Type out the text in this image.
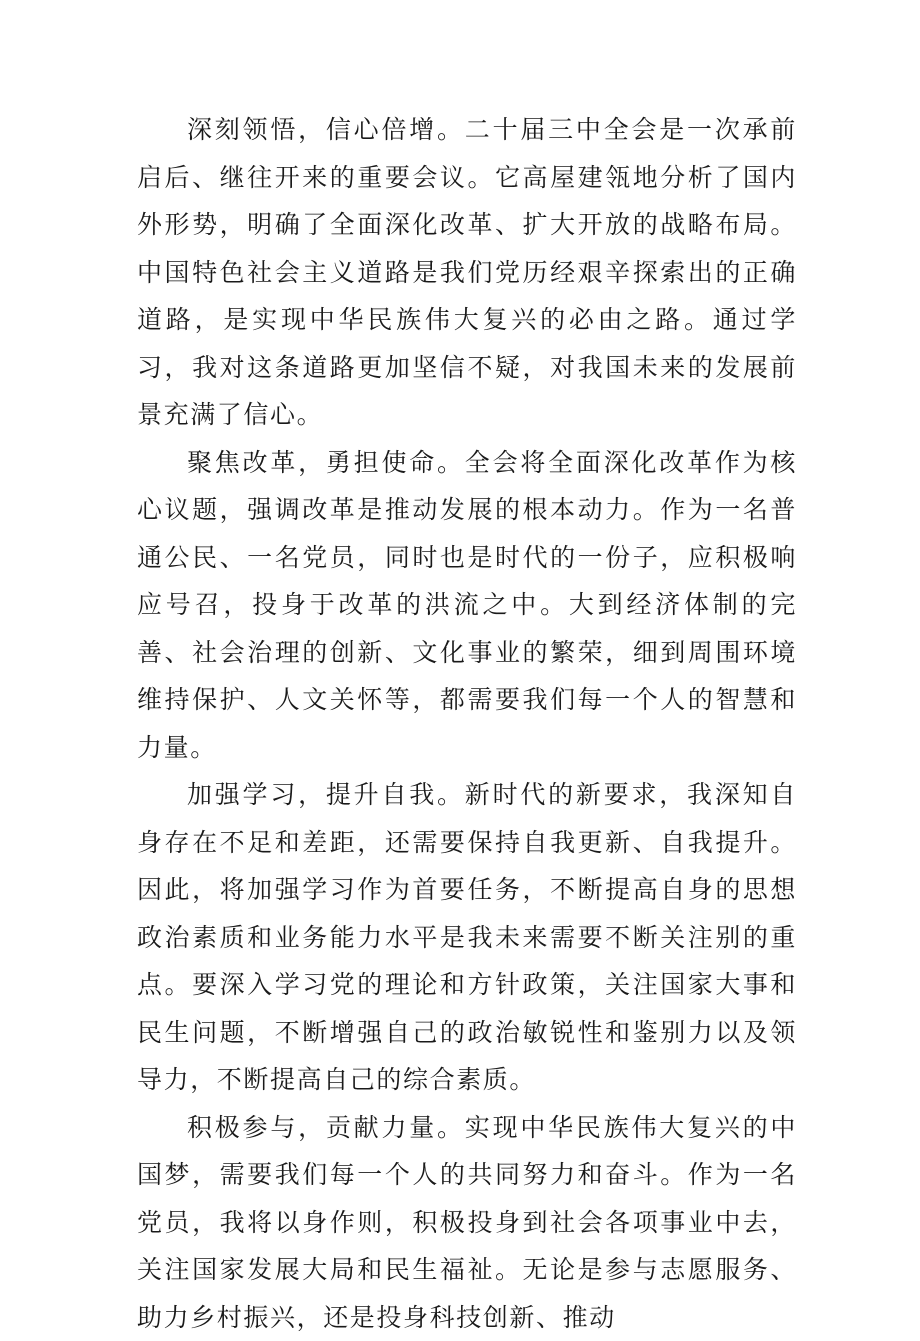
深刻领悟，信心倍增。二十届三中全会是一次承前启后、继往开来的重要会议。它高屋建瓴地分析了国内外形势，明确了全面深化改革、扩大开放的战略布局。中国特色社会主义道路是我们党历经艰辛探索出的正确道路，是实现中华民族伟大复兴的必由之路。通过学习，我对这条道路更加坚信不疑，对我国未来的发展前景充满了信心。

聚焦改革，勇担使命。全会将全面深化改革作为核心议题，强调改革是推动发展的根本动力。作为一名普通公民、一名党员，同时也是时代的一份子，应积极响应号召，投身于改革的洪流之中。大到经济体制的完善、社会治理的创新、文化事业的繁荣，细到周围环境维持保护、人文关怀等，都需要我们每一个人的智慧和力量。

加强学习，提升自我。新时代的新要求，我深知自身存在不足和差距，还需要保持自我更新、自我提升。因此，将加强学习作为首要任务，不断提高自身的思想政治素质和业务能力水平是我未来需要不断关注别的重点。要深入学习党的理论和方针政策，关注国家大事和民生问题，不断增强自己的政治敏锐性和鉴别力以及领导力，不断提高自己的综合素质。

积极参与，贡献力量。实现中华民族伟大复兴的中国梦，需要我们每一个人的共同努力和奋斗。作为一名党员，我将以身作则，积极投身到社会各项事业中去，关注国家发展大局和民生福祉。无论是参与志愿服务、助力乡村振兴，还是投身科技创新、推动
